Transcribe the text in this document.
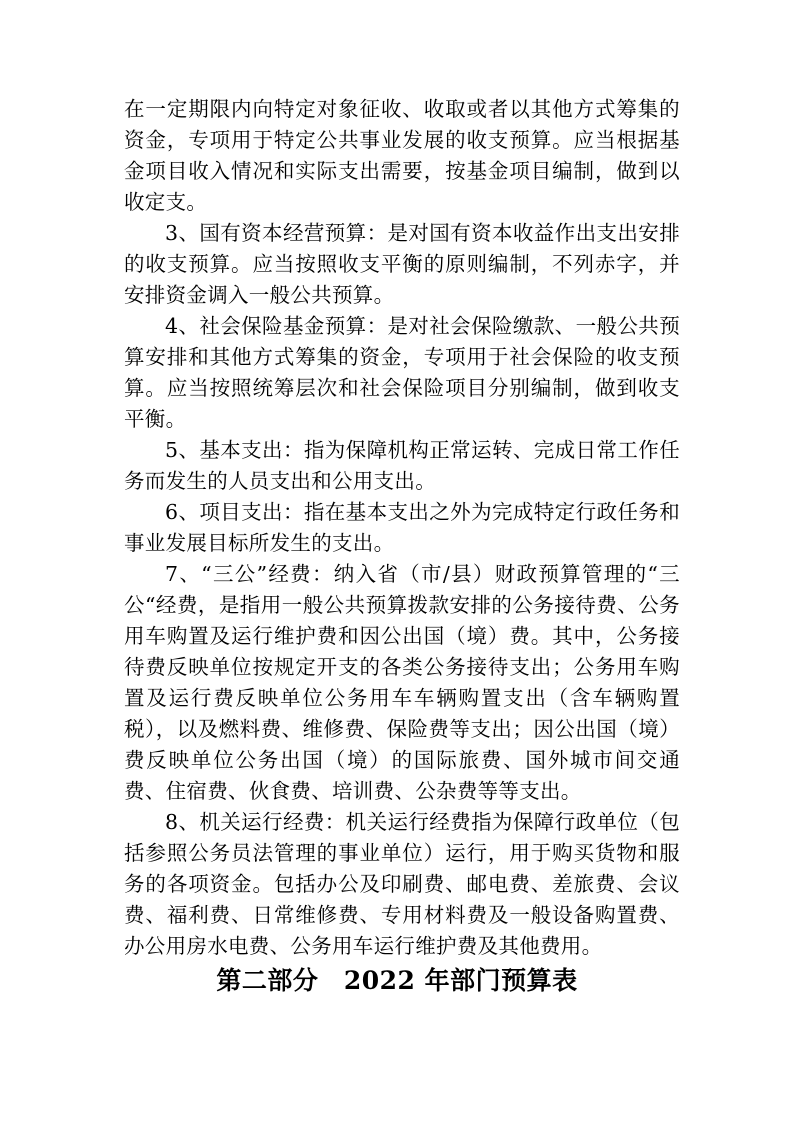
在一定期限内向特定对象征收、收取或者以其他方式筹集的资金，专项用于特定公共事业发展的收支预算。应当根据基金项目收入情况和实际支出需要，按基金项目编制，做到以收定支。

3、国有资本经营预算：是对国有资本收益作出支出安排的收支预算。应当按照收支平衡的原则编制，不列赤字，并安排资金调入一般公共预算。

4、社会保险基金预算：是对社会保险缴款、一般公共预算安排和其他方式筹集的资金，专项用于社会保险的收支预算。应当按照统筹层次和社会保险项目分别编制，做到收支平衡。

5、基本支出：指为保障机构正常运转、完成日常工作任务而发生的人员支出和公用支出。

6、项目支出：指在基本支出之外为完成特定行政任务和事业发展目标所发生的支出。

7、“三公”经费：纳入省（市/县）财政预算管理的“三公“经费，是指用一般公共预算拨款安排的公务接待费、公务用车购置及运行维护费和因公出国（境）费。其中，公务接待费反映单位按规定开支的各类公务接待支出；公务用车购置及运行费反映单位公务用车车辆购置支出（含车辆购置税），以及燃料费、维修费、保险费等支出；因公出国（境）费反映单位公务出国（境）的国际旅费、国外城市间交通费、住宿费、伙食费、培训费、公杂费等等支出。

8、机关运行经费：机关运行经费指为保障行政单位（包括参照公务员法管理的事业单位）运行，用于购买货物和服务的各项资金。包括办公及印刷费、邮电费、差旅费、会议费、福利费、日常维修费、专用材料费及一般设备购置费、办公用房水电费、公务用车运行维护费及其他费用。

第二部分　2022 年部门预算表
